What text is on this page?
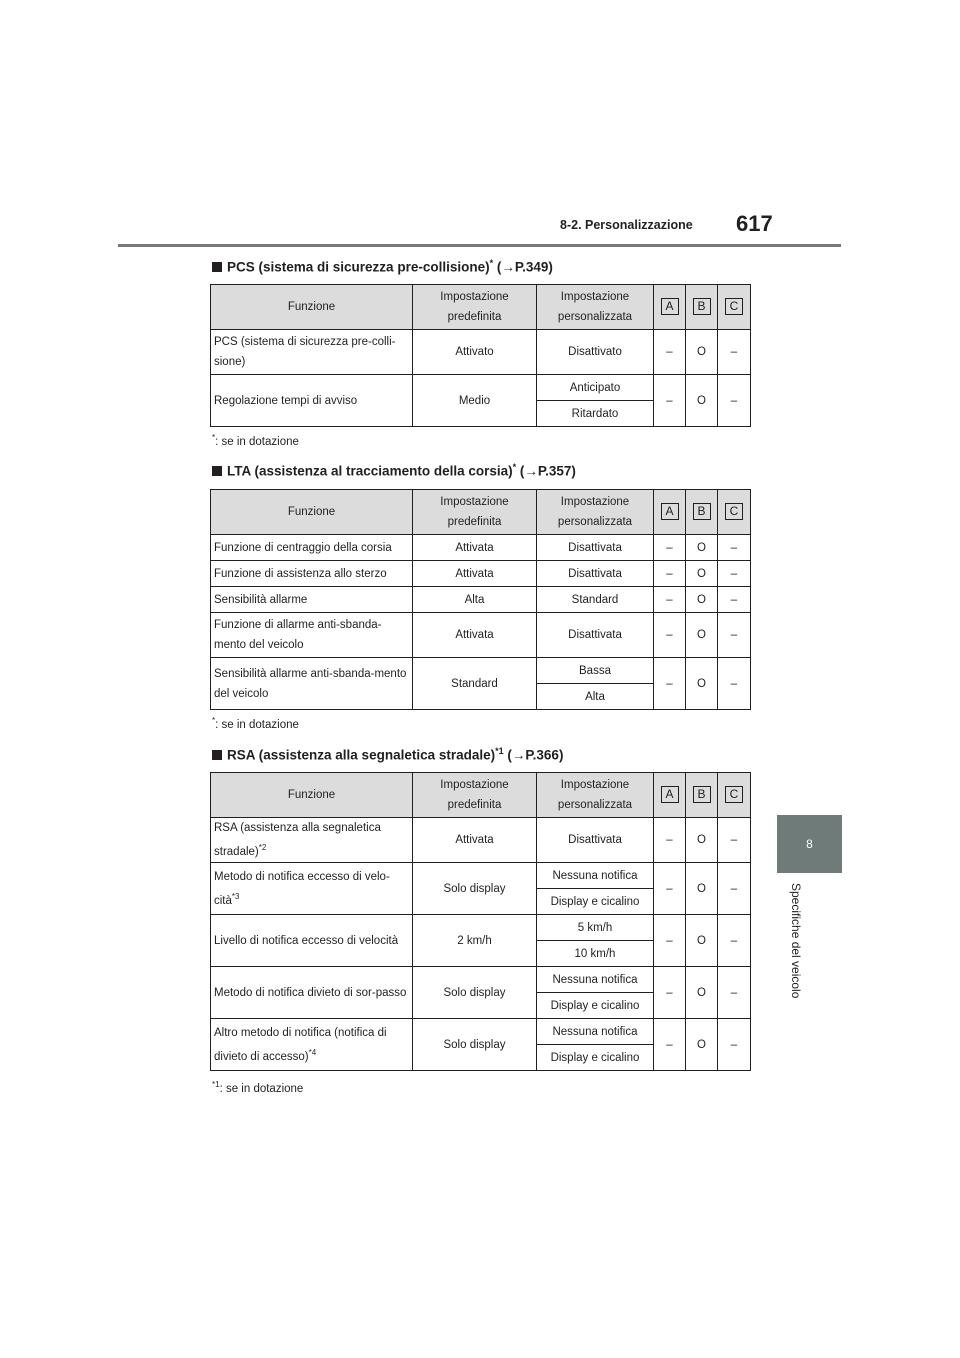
8-2. Personalizzazione 617
8
Specifiche del veicolo
PCS (sistema di sicurezza pre-collisione)* (→P.349)
Funzione	Impostazione predefinita	Impostazione personalizzata	A	B	C
PCS (sistema di sicurezza pre-colli-sione)	Attivato	Disattivato	–	O	–
Regolazione tempi di avviso	Medio	Anticipato	–	O	–
		Ritardato			
*: se in dotazione
LTA (assistenza al tracciamento della corsia)* (→P.357)
Funzione	Impostazione predefinita	Impostazione personalizzata	A	B	C
Funzione di centraggio della corsia	Attivata	Disattivata	–	O	–
Funzione di assistenza allo sterzo	Attivata	Disattivata	–	O	–
Sensibilità allarme	Alta	Standard	–	O	–
Funzione di allarme anti-sbanda-mento del veicolo	Attivata	Disattivata	–	O	–
Sensibilità allarme anti-sbanda-mento del veicolo	Standard	Bassa	–	O	–
		Alta			
*: se in dotazione
RSA (assistenza alla segnaletica stradale)$^{*1}$ (→P.366)
Funzione	Impostazione predefinita	Impostazione personalizzata	A	B	C
RSA (assistenza alla segnaletica stradale)$^{*2}$	Attivata	Disattivata	–	O	–
Metodo di notifica eccesso di velo-cità$^{*3}$	Solo display	Nessuna notifica	–	O	–
		Display e cicalino			
Livello di notifica eccesso di velocità	2 km/h	5 km/h	–	O	–
		10 km/h			
Metodo di notifica divieto di sor-passo	Solo display	Nessuna notifica	–	O	–
		Display e cicalino			
Altro metodo di notifica (notifica di divieto di accesso)$^{*4}$	Solo display	Nessuna notifica	–	O	–
		Display e cicalino			
$^{*1}$: se in dotazione
